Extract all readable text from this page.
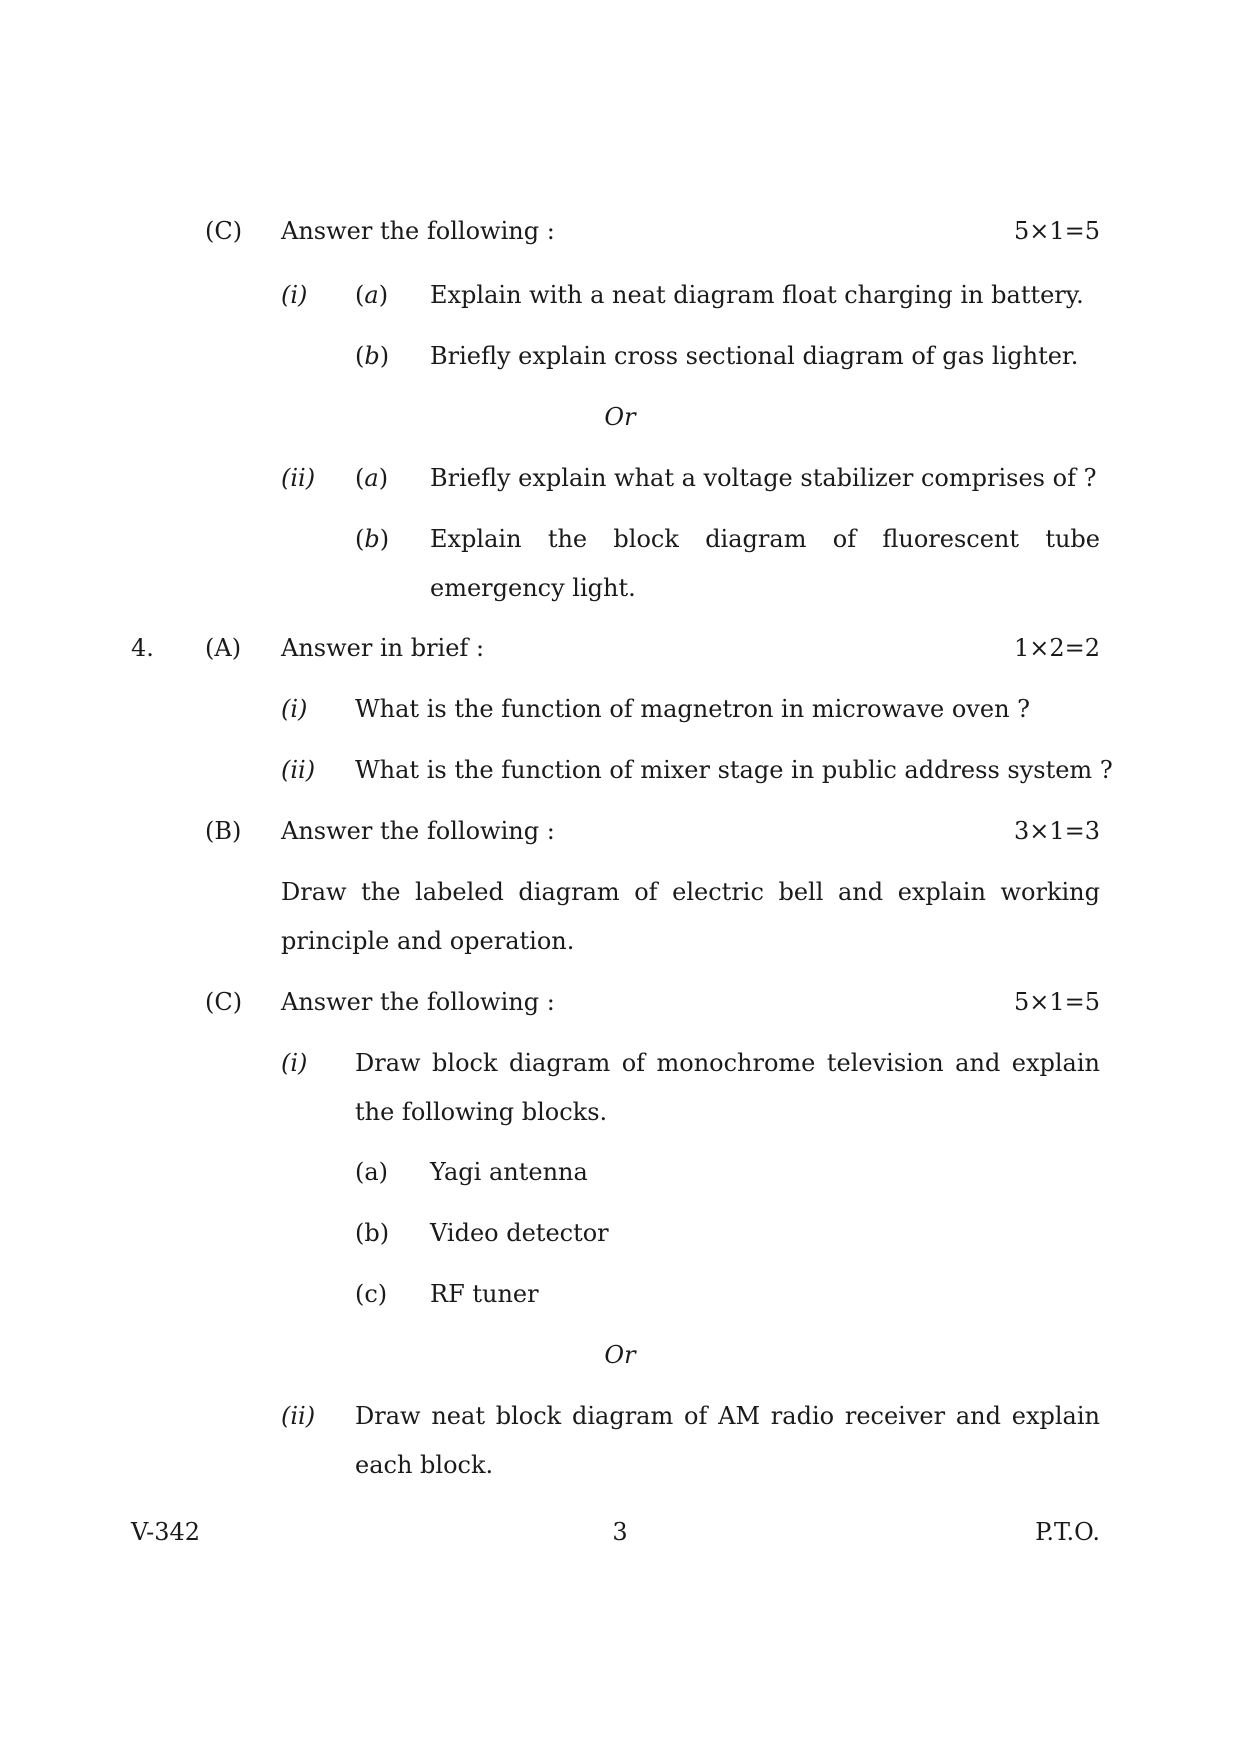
(C) Answer the following :	5×1=5
(i) (a) Explain with a neat diagram float charging in battery.
(b) Briefly explain cross sectional diagram of gas lighter.
Or
(ii) (a) Briefly explain what a voltage stabilizer comprises of ?
(b) Explain the block diagram of fluorescent tube emergency light.
4. (A) Answer in brief :	1×2=2
(i) What is the function of magnetron in microwave oven ?
(ii) What is the function of mixer stage in public address system ?
(B) Answer the following :	3×1=3
Draw the labeled diagram of electric bell and explain working principle and operation.
(C) Answer the following :	5×1=5
(i) Draw block diagram of monochrome television and explain the following blocks.
(a) Yagi antenna
(b) Video detector
(c) RF tuner
Or
(ii) Draw neat block diagram of AM radio receiver and explain each block.
V-342	3	P.T.O.
